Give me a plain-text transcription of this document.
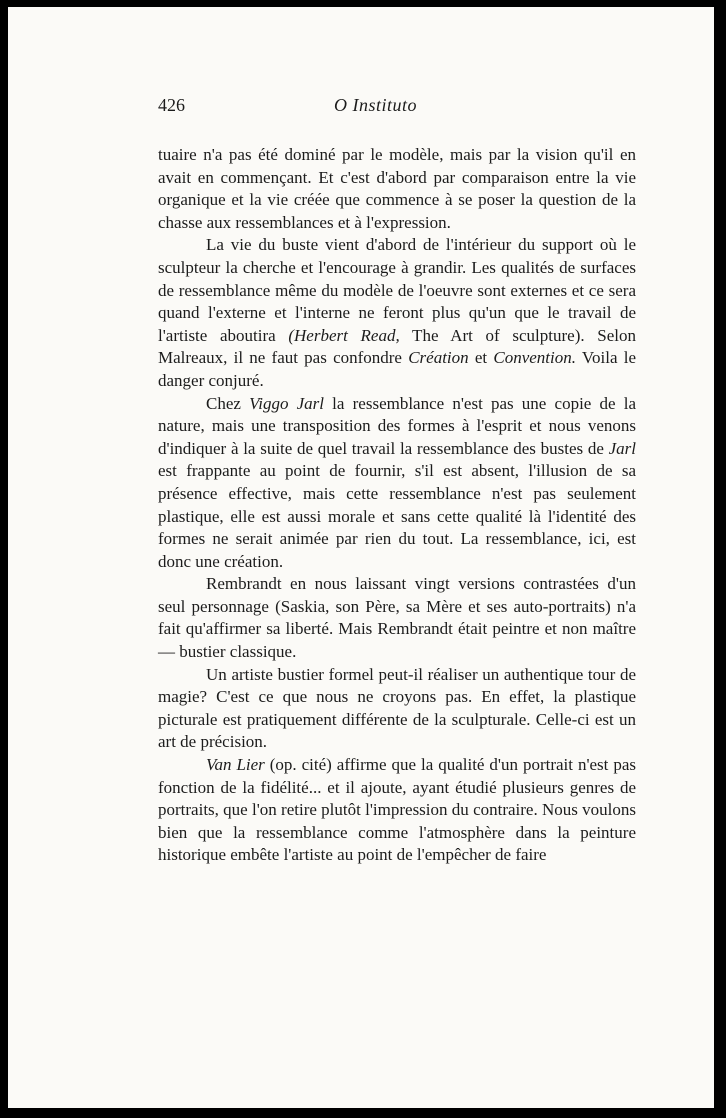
426	O Instituto

tuaire n'a pas été dominé par le modèle, mais par la vision qu'il en avait en commençant. Et c'est d'abord par comparaison entre la vie organique et la vie créée que commence à se poser la question de la chasse aux ressemblances et à l'expression.

La vie du buste vient d'abord de l'intérieur du support où le sculpteur la cherche et l'encourage à grandir. Les qualités de surfaces de ressemblance même du modèle de l'oeuvre sont externes et ce sera quand l'externe et l'interne ne feront plus qu'un que le travail de l'artiste aboutira (Herbert Read, The Art of sculpture). Selon Malreaux, il ne faut pas confondre Création et Convention. Voila le danger conjuré.

Chez Viggo Jarl la ressemblance n'est pas une copie de la nature, mais une transposition des formes à l'esprit et nous venons d'indiquer à la suite de quel travail la ressemblance des bustes de Jarl est frappante au point de fournir, s'il est absent, l'illusion de sa présence effective, mais cette ressemblance n'est pas seulement plastique, elle est aussi morale et sans cette qualité là l'identité des formes ne serait animée par rien du tout. La ressemblance, ici, est donc une création.

Rembrandt en nous laissant vingt versions contrastées d'un seul personnage (Saskia, son Père, sa Mère et ses auto-portraits) n'a fait qu'affirmer sa liberté. Mais Rembrandt était peintre et non maître — bustier classique.

Un artiste bustier formel peut-il réaliser un authentique tour de magie? C'est ce que nous ne croyons pas. En effet, la plastique picturale est pratiquement différente de la sculpturale. Celle-ci est un art de précision.

Van Lier (op. cité) affirme que la qualité d'un portrait n'est pas fonction de la fidélité... et il ajoute, ayant étudié plusieurs genres de portraits, que l'on retire plutôt l'impression du contraire. Nous voulons bien que la ressemblance comme l'atmosphère dans la peinture historique embête l'artiste au point de l'empêcher de faire
